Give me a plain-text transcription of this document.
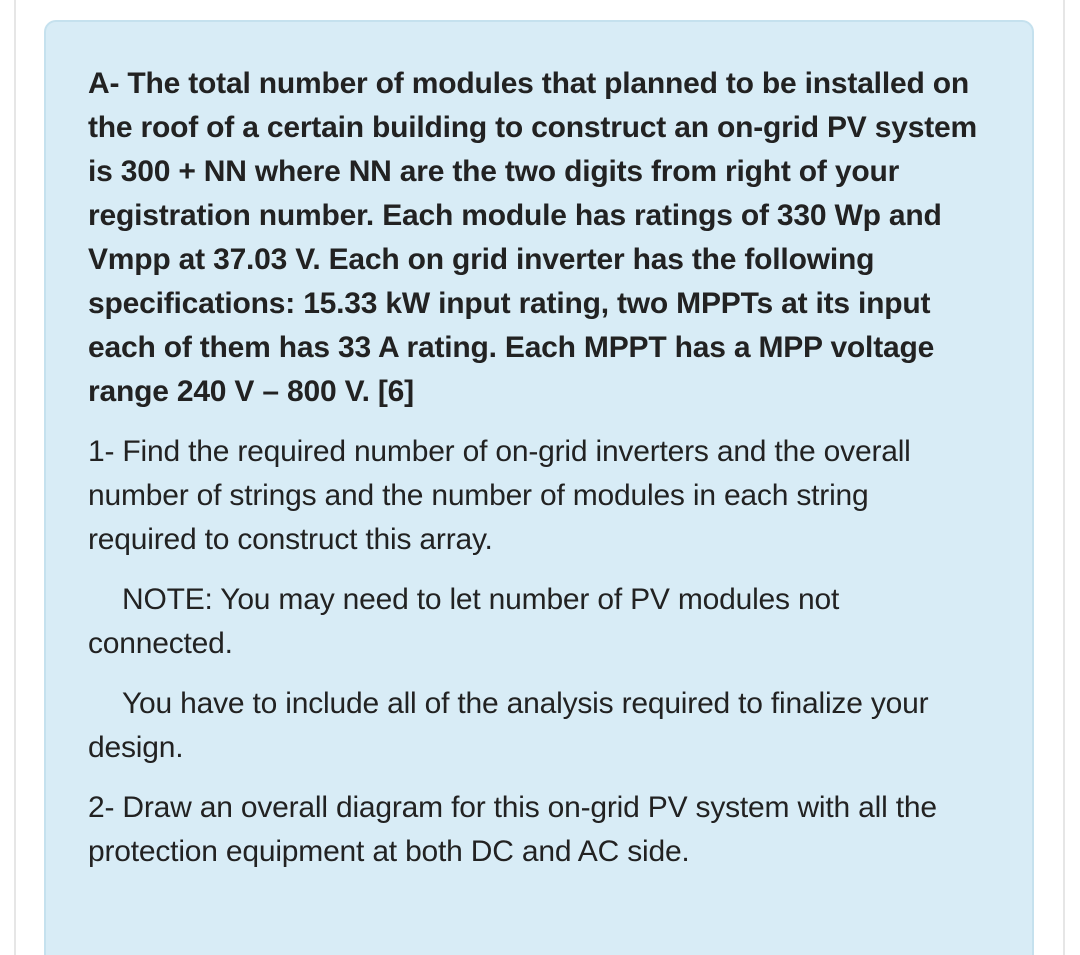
A- The total number of modules that planned to be installed on the roof of a certain building to construct an on-grid PV system is 300 + NN where NN are the two digits from right of your registration number. Each module has ratings of 330 Wp and Vmpp at 37.03 V. Each on grid inverter has the following specifications: 15.33 kW input rating, two MPPTs at its input each of them has 33 A rating. Each MPPT has a MPP voltage range 240 V – 800 V. [6]

1- Find the required number of on-grid inverters and the overall number of strings and the number of modules in each string required to construct this array.

NOTE: You may need to let number of PV modules not connected.

You have to include all of the analysis required to finalize your design.

2- Draw an overall diagram for this on-grid PV system with all the protection equipment at both DC and AC side.
